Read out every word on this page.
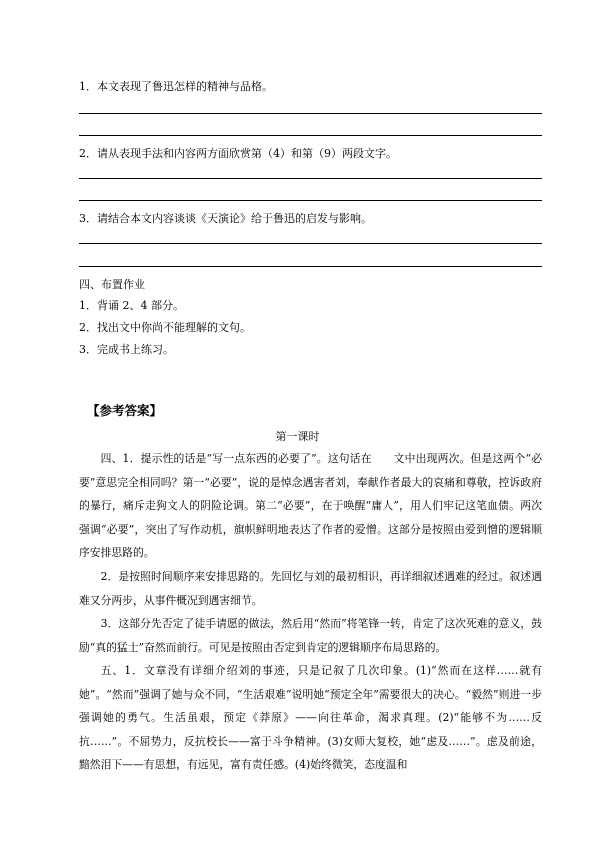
1．本文表现了鲁迅怎样的精神与品格。
2．请从表现手法和内容两方面欣赏第（4）和第（9）两段文字。
3．请结合本文内容谈谈《天演论》给于鲁迅的启发与影响。
四、布置作业
1．背诵 2、4 部分。
2．找出文中你尚不能理解的文句。
3．完成书上练习。
【参考答案】
第一课时

四、1．提示性的话是“写一点东西的必要了”。这句话在　　文中出现两次。但是这两个“必要”意思完全相同吗？第一“必要”，说的是悼念遇害者刘，奉献作者最大的哀痛和尊敬，控诉政府的暴行，痛斥走狗文人的阴险论调。第二“必要”，在于唤醒“庸人”，用人们牢记这笔血债。两次强调“必要”，突出了写作动机，旗帜鲜明地表达了作者的爱憎。这部分是按照由爱到憎的逻辑顺序安排思路的。

2．是按照时间顺序来安排思路的。先回忆与刘的最初相识，再详细叙述遇难的经过。叙述遇难又分两步，从事件概况到遇害细节。

3．这部分先否定了徒手请愿的做法，然后用“然而”将笔锋一转，肯定了这次死难的意义，鼓励“真的猛士”奋然而前行。可见是按照由否定到肯定的逻辑顺序布局思路的。

五、1．文章没有详细介绍刘的事迹，只是记叙了几次印象。(1)“然而在这样……就有她”。“然而”强调了她与众不同，“生活艰难”说明她“预定全年”需要很大的决心。“毅然”则进一步强调她的勇气。生活虽艰，预定《莽原》——向往革命，渴求真理。(2)“能够不为……反抗……”。不屈势力，反抗校长——富于斗争精神。(3)女师大复校，她“虑及……”。虑及前途，黯然泪下——有思想，有远见，富有责任感。(4)始终微笑，态度温和
